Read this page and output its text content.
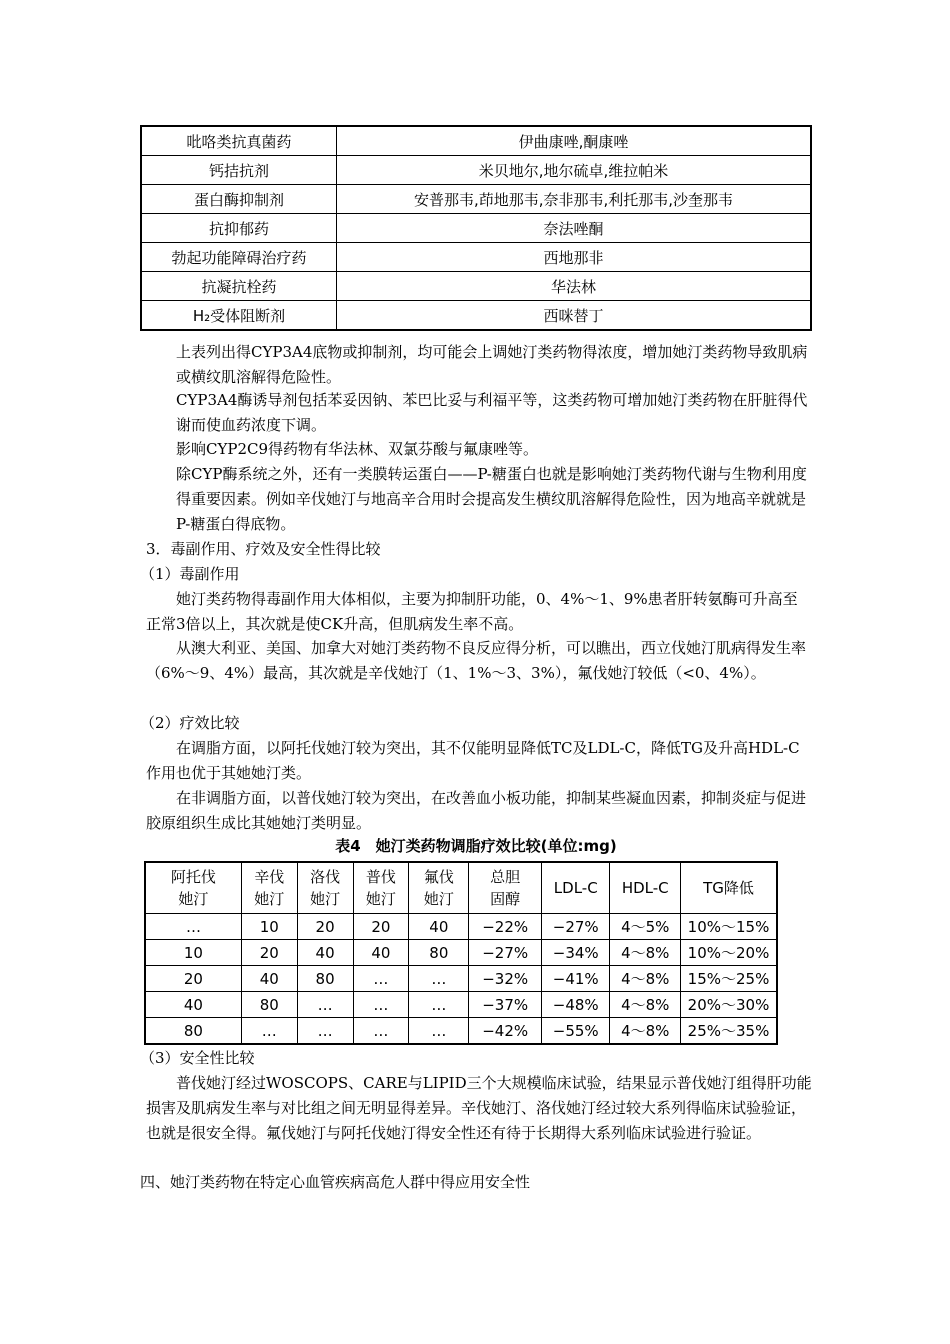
吡咯类抗真菌药	伊曲康唑,酮康唑
钙拮抗剂	米贝地尔,地尔硫卓,维拉帕米
蛋白酶抑制剂	安普那韦,茚地那韦,奈非那韦,利托那韦,沙奎那韦
抗抑郁药	奈法唑酮
勃起功能障碍治疗药	西地那非
抗凝抗栓药	华法林
H₂受体阻断剂	西咪替丁

上表列出得CYP3A4底物或抑制剂，均可能会上调她汀类药物得浓度，增加她汀类药物导致肌病或横纹肌溶解得危险性。

CYP3A4酶诱导剂包括苯妥因钠、苯巴比妥与利福平等，这类药物可增加她汀类药物在肝脏得代谢而使血药浓度下调。

影响CYP2C9得药物有华法林、双氯芬酸与氟康唑等。

除CYP酶系统之外，还有一类膜转运蛋白——P-糖蛋白也就是影响她汀类药物代谢与生物利用度得重要因素。例如辛伐她汀与地高辛合用时会提高发生横纹肌溶解得危险性，因为地高辛就就是P-糖蛋白得底物。

3．毒副作用、疗效及安全性得比较

（1）毒副作用

她汀类药物得毒副作用大体相似，主要为抑制肝功能，0、4%～1、9%患者肝转氨酶可升高至正常3倍以上，其次就是使CK升高，但肌病发生率不高。

从澳大利亚、美国、加拿大对她汀类药物不良反应得分析，可以瞧出，西立伐她汀肌病得发生率（6%～9、4%）最高，其次就是辛伐她汀（1、1%～3、3%），氟伐她汀较低（<0、4%）。

（2）疗效比较

在调脂方面，以阿托伐她汀较为突出，其不仅能明显降低TC及LDL-C，降低TG及升高HDL-C作用也优于其她她汀类。

在非调脂方面，以普伐她汀较为突出，在改善血小板功能，抑制某些凝血因素，抑制炎症与促进胶原组织生成比其她她汀类明显。

表4　她汀类药物调脂疗效比较(单位:mg)
阿托伐她汀	辛伐她汀	洛伐她汀	普伐她汀	氟伐她汀	总胆固醇	LDL-C	HDL-C	TG降低
…	10	20	20	40	−22%	−27%	4～5%	10%～15%
10	20	40	40	80	−27%	−34%	4～8%	10%～20%
20	40	80	…	…	−32%	−41%	4～8%	15%～25%
40	80	…	…	…	−37%	−48%	4～8%	20%～30%
80	…	…	…	…	−42%	−55%	4～8%	25%～35%

（3）安全性比较

普伐她汀经过WOSCOPS、CARE与LIPID三个大规模临床试验，结果显示普伐她汀组得肝功能损害及肌病发生率与对比组之间无明显得差异。辛伐她汀、洛伐她汀经过较大系列得临床试验验证，也就是很安全得。氟伐她汀与阿托伐她汀得安全性还有待于长期得大系列临床试验进行验证。

四、她汀类药物在特定心血管疾病高危人群中得应用安全性
